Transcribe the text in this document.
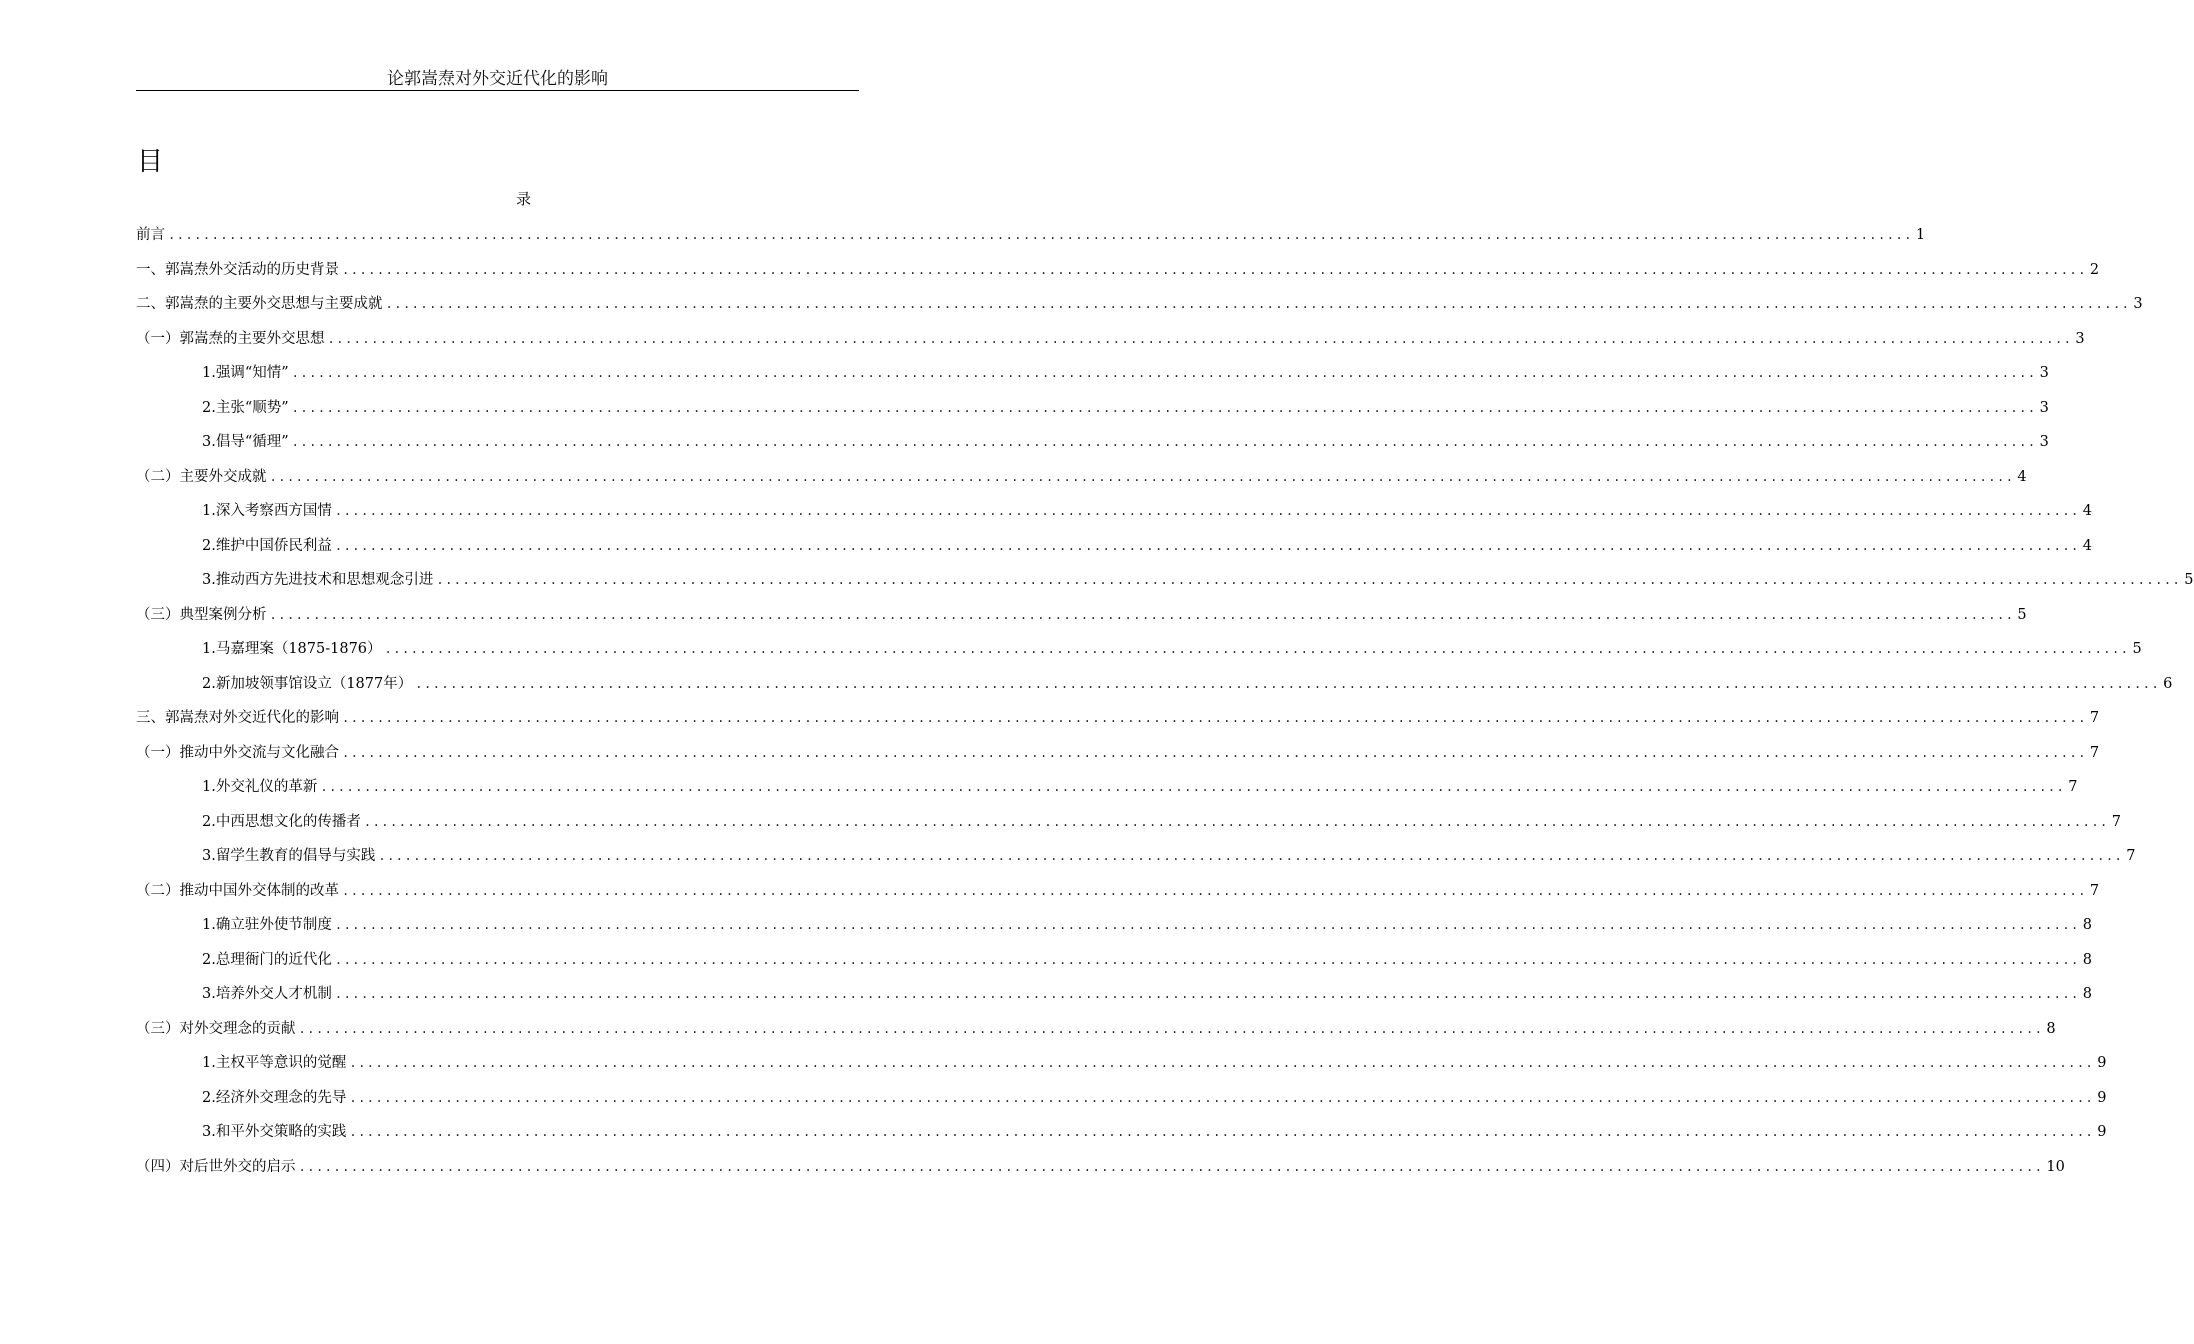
论郭嵩焘对外交近代化的影响
目
录
前言 ........................................................................................................................................................................................................ 1
一、郭嵩焘外交活动的历史背景 ........................................................................................................................................................................................................ 2
二、郭嵩焘的主要外交思想与主要成就 ........................................................................................................................................................................................................ 3
（一）郭嵩焘的主要外交思想 ........................................................................................................................................................................................................ 3
1.强调“知情” ........................................................................................................................................................................................................ 3
2.主张“顺势” ........................................................................................................................................................................................................ 3
3.倡导“循理” ........................................................................................................................................................................................................ 3
（二）主要外交成就 ........................................................................................................................................................................................................ 4
1.深入考察西方国情 ........................................................................................................................................................................................................ 4
2.维护中国侨民利益 ........................................................................................................................................................................................................ 4
3.推动西方先进技术和思想观念引进 ........................................................................................................................................................................................................ 5
（三）典型案例分析 ........................................................................................................................................................................................................ 5
1.马嘉理案（1875-1876） ........................................................................................................................................................................................................ 5
2.新加坡领事馆设立（1877年） ........................................................................................................................................................................................................ 6
三、郭嵩焘对外交近代化的影响 ........................................................................................................................................................................................................ 7
（一）推动中外交流与文化融合 ........................................................................................................................................................................................................ 7
1.外交礼仪的革新 ........................................................................................................................................................................................................ 7
2.中西思想文化的传播者 ........................................................................................................................................................................................................ 7
3.留学生教育的倡导与实践 ........................................................................................................................................................................................................ 7
（二）推动中国外交体制的改革 ........................................................................................................................................................................................................ 7
1.确立驻外使节制度 ........................................................................................................................................................................................................ 8
2.总理衙门的近代化 ........................................................................................................................................................................................................ 8
3.培养外交人才机制 ........................................................................................................................................................................................................ 8
（三）对外交理念的贡献 ........................................................................................................................................................................................................ 8
1.主权平等意识的觉醒 ........................................................................................................................................................................................................ 9
2.经济外交理念的先导 ........................................................................................................................................................................................................ 9
3.和平外交策略的实践 ........................................................................................................................................................................................................ 9
（四）对后世外交的启示 ........................................................................................................................................................................................................ 10
